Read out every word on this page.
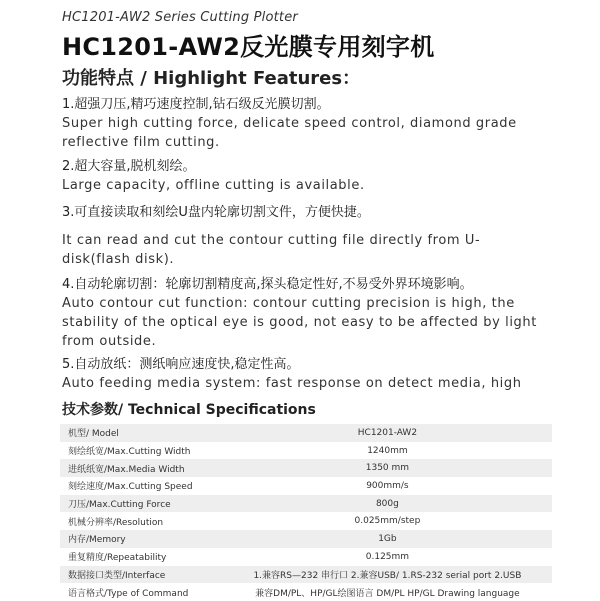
HC1201-AW2 Series Cutting Plotter
HC1201-AW2反光膜专用刻字机
功能特点 / Highlight Features：
1.超强刀压,精巧速度控制,钻石级反光膜切割。
Super high cutting force, delicate speed control, diamond grade reflective film cutting.
2.超大容量,脱机刻绘。
Large capacity, offline cutting is available.
3.可直接读取和刻绘U盘内轮廓切割文件，方便快捷。
It can read and cut the contour cutting file directly from U-disk(flash disk).
4.自动轮廓切割：轮廓切割精度高,探头稳定性好,不易受外界环境影响。
Auto contour cut function: contour cutting precision is high, the stability of the optical eye is good, not easy to be affected by light from outside.
5.自动放纸：测纸响应速度快,稳定性高。
Auto feeding media system: fast response on detect media, high
技术参数/ Technical Specifications
机型/ Model	HC1201-AW2
刻绘纸宽/Max.Cutting Width	1240mm
进纸纸宽/Max.Media Width	1350 mm
刻绘速度/Max.Cutting Speed	900mm/s
刀压/Max.Cutting Force	800g
机械分辨率/Resolution	0.025mm/step
内存/Memory	1Gb
重复精度/Repeatability	0.125mm
数据接口类型/Interface	1.兼容RS—232 串行口 2.兼容USB/ 1.RS-232 serial port 2.USB
语言格式/Type of Command	兼容DM/PL、HP/GL绘图语言 DM/PL HP/GL Drawing language
